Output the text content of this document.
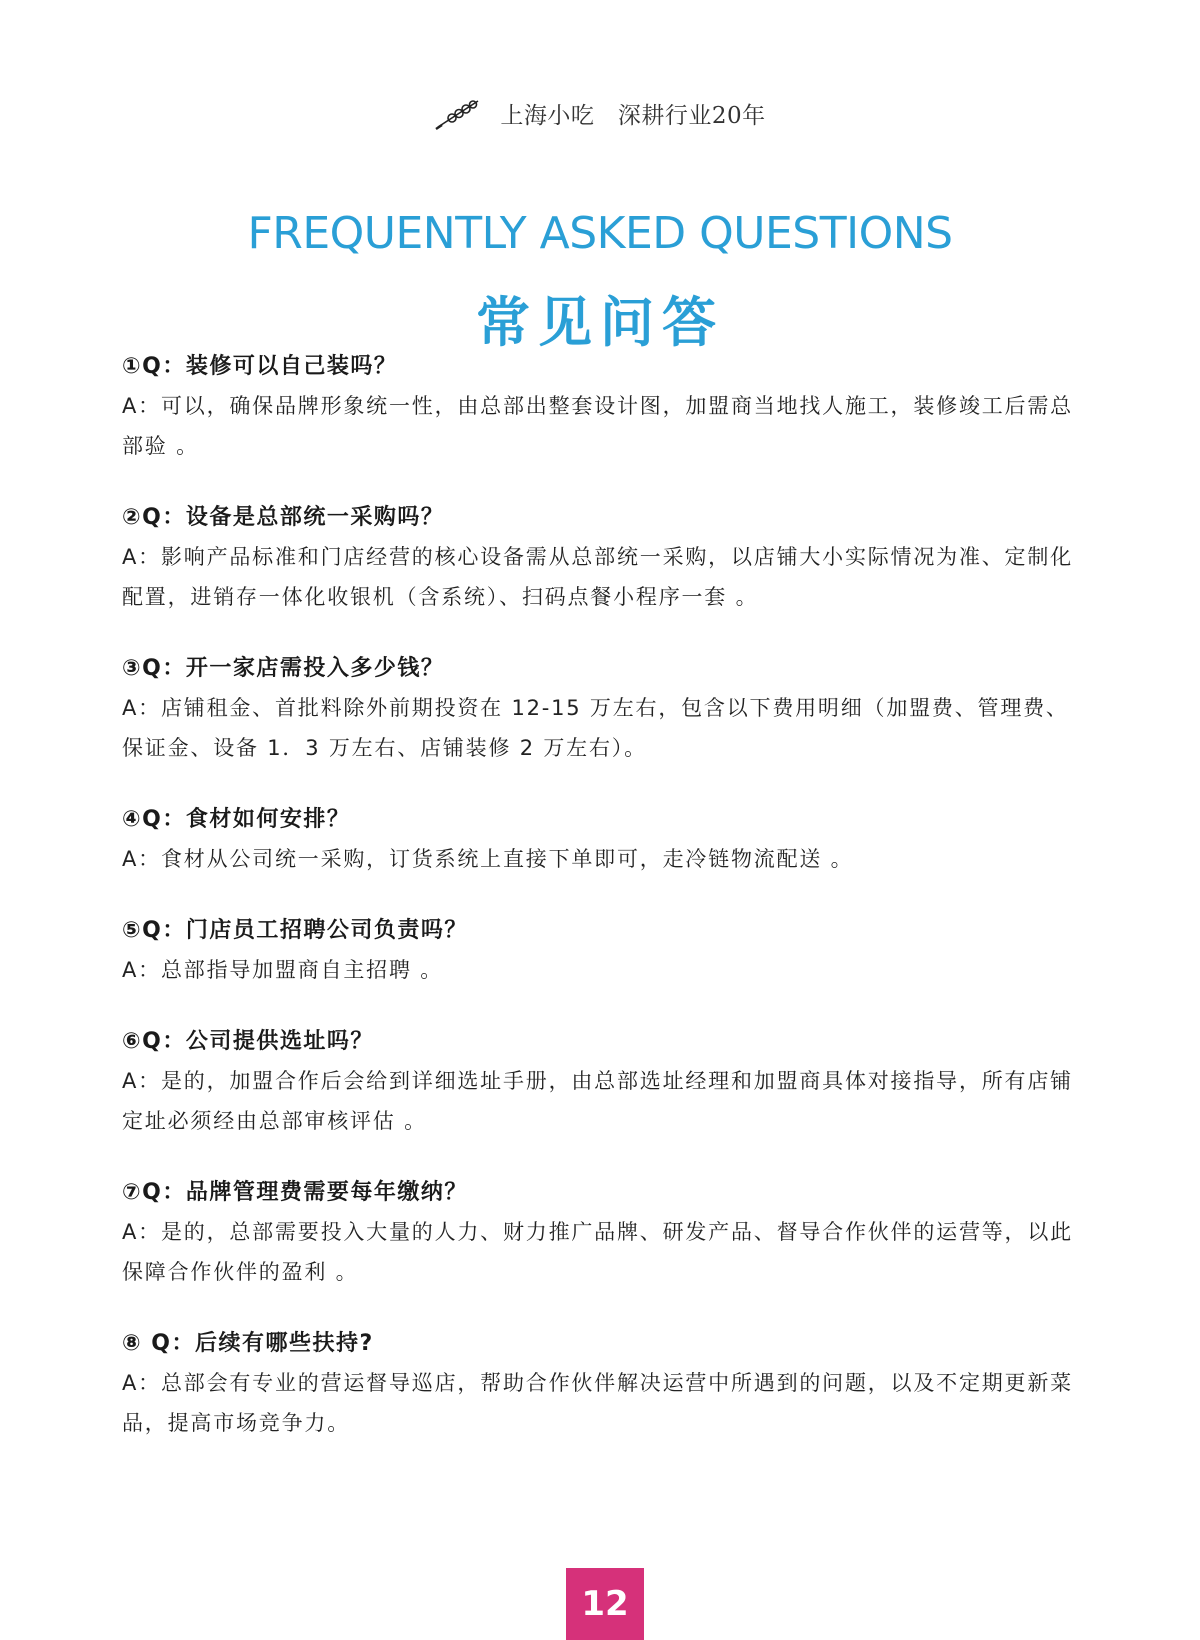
上海小吃　深耕行业20年
FREQUENTLY ASKED QUESTIONS
常见问答
①Q：装修可以自己装吗？
A：可以，确保品牌形象统一性，由总部出整套设计图，加盟商当地找人施工，装修竣工后需总部验 。
②Q：设备是总部统一采购吗？
A：影响产品标准和门店经营的核心设备需从总部统一采购，以店铺大小实际情况为准、定制化 配置，进销存一体化收银机（含系统）、扫码点餐小程序一套 。
③Q：开一家店需投入多少钱？
A：店铺租金、首批料除外前期投资在 12-15 万左右，包含以下费用明细（加盟费、管理费、保证金、设备 1．3 万左右、店铺装修 2 万左右）。
④Q：食材如何安排？
A：食材从公司统一采购，订货系统上直接下单即可，走冷链物流配送 。
⑤Q：门店员工招聘公司负责吗？
A：总部指导加盟商自主招聘 。
⑥Q：公司提供选址吗？
A：是的，加盟合作后会给到详细选址手册，由总部选址经理和加盟商具体对接指导，所有店铺定址必须经由总部审核评估 。
⑦Q：品牌管理费需要每年缴纳？
A：是的，总部需要投入大量的人力、财力推广品牌、研发产品、督导合作伙伴的运营等，以此保障合作伙伴的盈利 。
⑧ Q：后续有哪些扶持?
A：总部会有专业的营运督导巡店，帮助合作伙伴解决运营中所遇到的问题，以及不定期更新菜品，提高市场竞争力。
12
